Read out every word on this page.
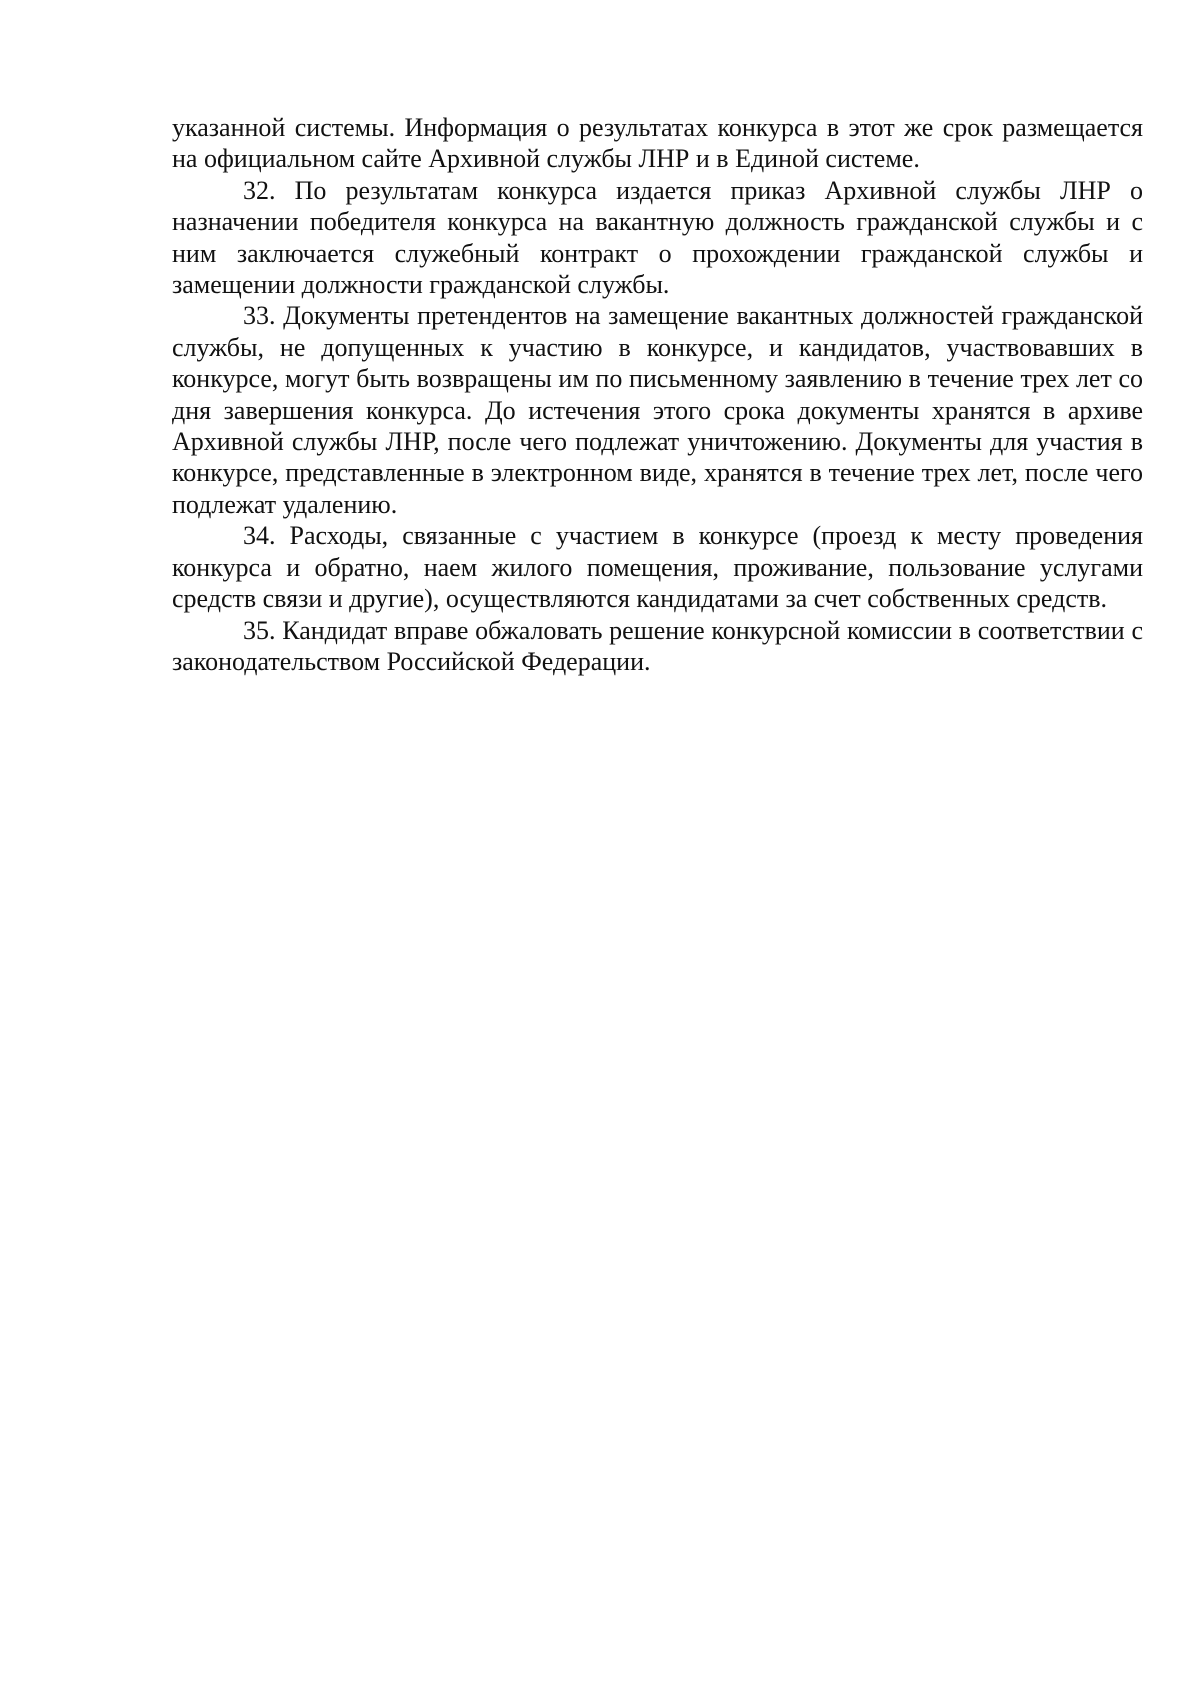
указанной системы. Информация о результатах конкурса в этот же срок размещается на официальном сайте Архивной службы ЛНР и в Единой системе.

32. По результатам конкурса издается приказ Архивной службы ЛНР о назначении победителя конкурса на вакантную должность гражданской службы и с ним заключается служебный контракт о прохождении гражданской службы и замещении должности гражданской службы.

33. Документы претендентов на замещение вакантных должностей гражданской службы, не допущенных к участию в конкурсе, и кандидатов, участвовавших в конкурсе, могут быть возвращены им по письменному заявлению в течение трех лет со дня завершения конкурса. До истечения этого срока документы хранятся в архиве Архивной службы ЛНР, после чего подлежат уничтожению. Документы для участия в конкурсе, представленные в электронном виде, хранятся в течение трех лет, после чего подлежат удалению.

34. Расходы, связанные с участием в конкурсе (проезд к месту проведения конкурса и обратно, наем жилого помещения, проживание, пользование услугами средств связи и другие), осуществляются кандидатами за счет собственных средств.

35. Кандидат вправе обжаловать решение конкурсной комиссии в соответствии с законодательством Российской Федерации.
